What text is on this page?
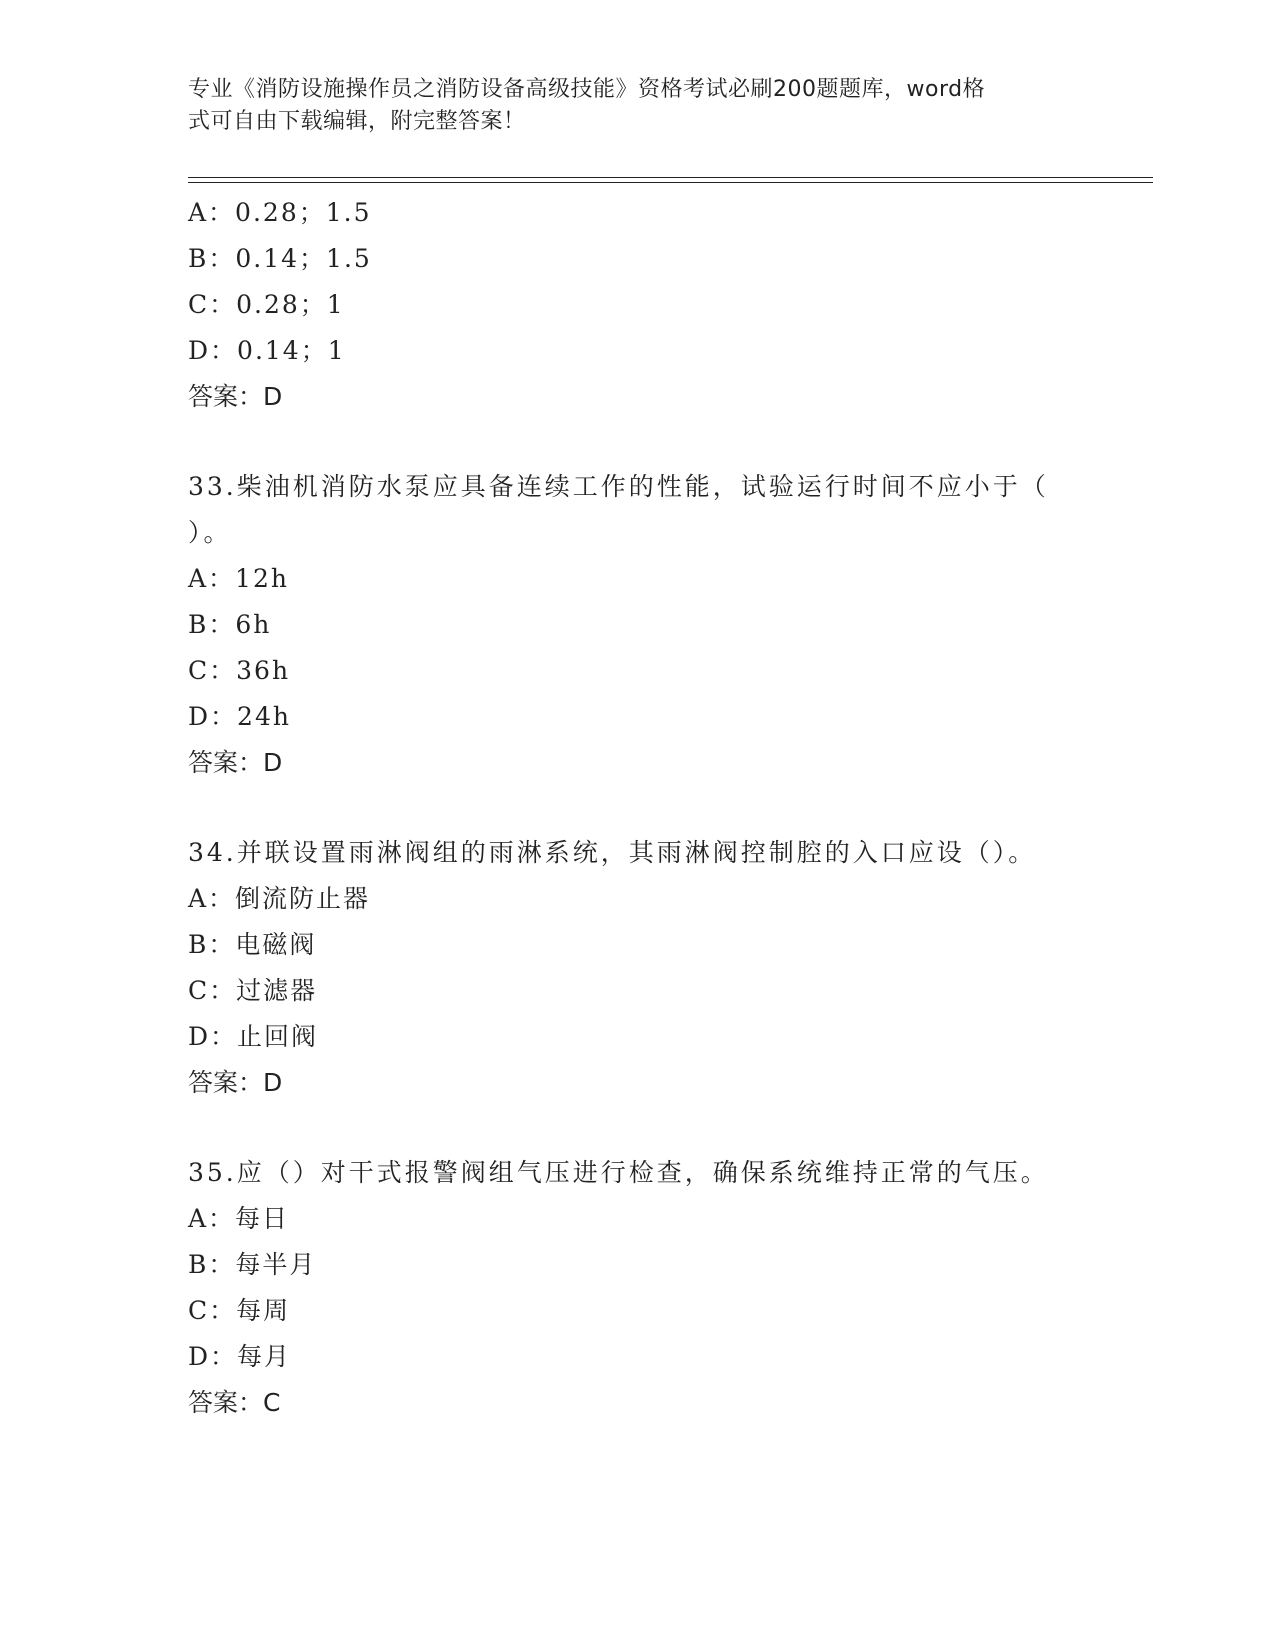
专业《消防设施操作员之消防设备高级技能》资格考试必刷200题题库，word格
式可自由下载编辑，附完整答案！
A：0.28；1.5
B：0.14；1.5
C：0.28；1
D：0.14；1
答案：D
33.柴油机消防水泵应具备连续工作的性能，试验运行时间不应小于（
）。
A：12h
B：6h
C：36h
D：24h
答案：D
34.并联设置雨淋阀组的雨淋系统，其雨淋阀控制腔的入口应设（）。
A：倒流防止器
B：电磁阀
C：过滤器
D：止回阀
答案：D
35.应（）对干式报警阀组气压进行检查，确保系统维持正常的气压。
A：每日
B：每半月
C：每周
D：每月
答案：C
